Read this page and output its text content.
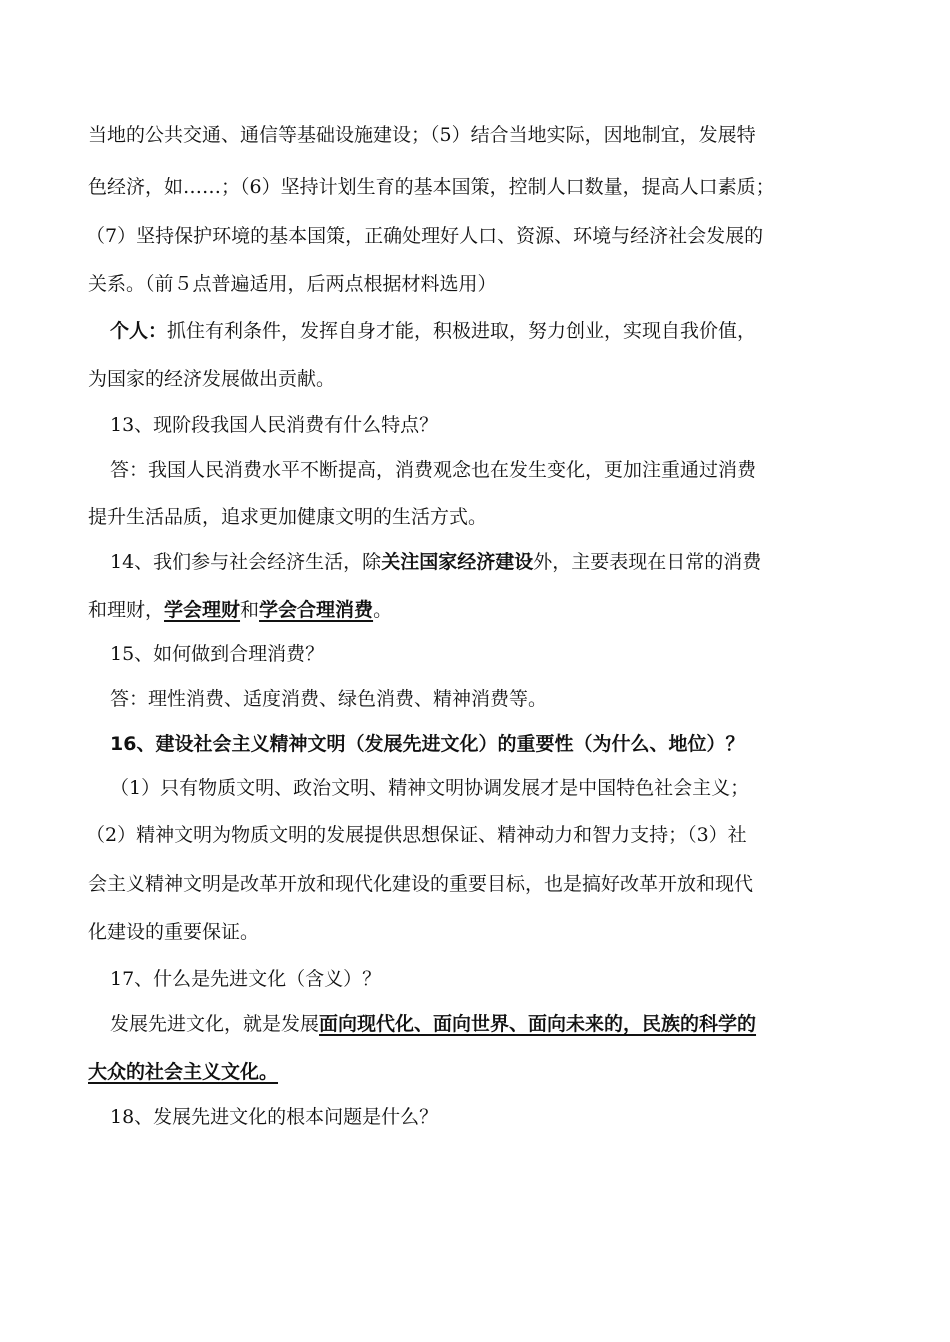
当地的公共交通、通信等基础设施建设；（5）结合当地实际，因地制宜，发展特
色经济，如……；（6）坚持计划生育的基本国策，控制人口数量，提高人口素质；
（7）坚持保护环境的基本国策，正确处理好人口、资源、环境与经济社会发展的
关系。（前５点普遍适用，后两点根据材料选用）
个人：抓住有利条件，发挥自身才能，积极进取，努力创业，实现自我价值，
为国家的经济发展做出贡献。
13、现阶段我国人民消费有什么特点？
答：我国人民消费水平不断提高，消费观念也在发生变化，更加注重通过消费
提升生活品质，追求更加健康文明的生活方式。
14、我们参与社会经济生活，除关注国家经济建设外，主要表现在日常的消费
和理财，学会理财和学会合理消费。
15、如何做到合理消费？
答：理性消费、适度消费、绿色消费、精神消费等。
16、建设社会主义精神文明（发展先进文化）的重要性（为什么、地位）？
（1）只有物质文明、政治文明、精神文明协调发展才是中国特色社会主义；
（2）精神文明为物质文明的发展提供思想保证、精神动力和智力支持；（3）社
会主义精神文明是改革开放和现代化建设的重要目标，也是搞好改革开放和现代
化建设的重要保证。
17、什么是先进文化（含义）？
发展先进文化，就是发展面向现代化、面向世界、面向未来的，民族的科学的
大众的社会主义文化。
18、发展先进文化的根本问题是什么？
